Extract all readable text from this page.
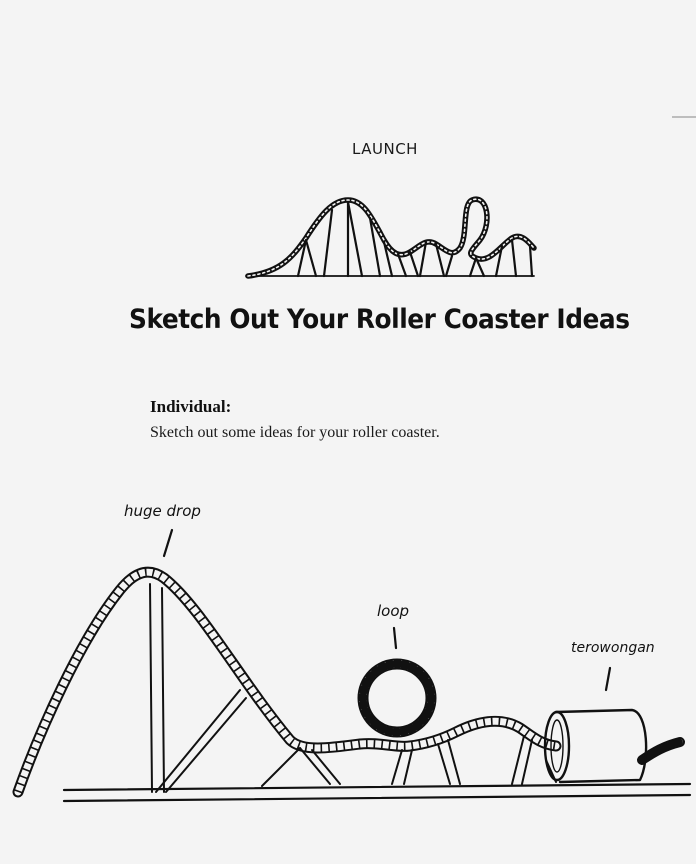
LAUNCH
Sketch Out Your Roller Coaster Ideas
Individual:
Sketch out some ideas for your roller coaster.
huge drop
loop
terowongan
